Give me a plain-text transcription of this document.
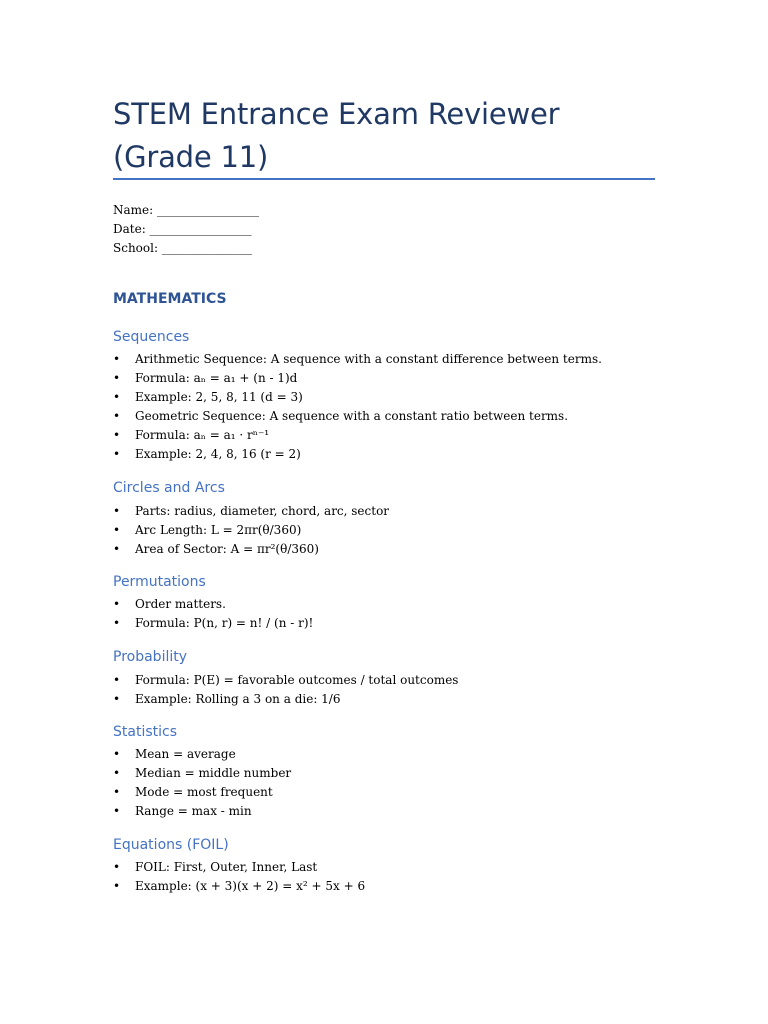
STEM Entrance Exam Reviewer (Grade 11)
Name: _________________
Date: _________________
School: _______________
MATHEMATICS
Sequences
• Arithmetic Sequence: A sequence with a constant difference between terms.
• Formula: aₙ = a₁ + (n - 1)d
• Example: 2, 5, 8, 11 (d = 3)
• Geometric Sequence: A sequence with a constant ratio between terms.
• Formula: aₙ = a₁ · rⁿ⁻¹
• Example: 2, 4, 8, 16 (r = 2)
Circles and Arcs
• Parts: radius, diameter, chord, arc, sector
• Arc Length: L = 2πr(θ/360)
• Area of Sector: A = πr²(θ/360)
Permutations
• Order matters.
• Formula: P(n, r) = n! / (n - r)!
Probability
• Formula: P(E) = favorable outcomes / total outcomes
• Example: Rolling a 3 on a die: 1/6
Statistics
• Mean = average
• Median = middle number
• Mode = most frequent
• Range = max - min
Equations (FOIL)
• FOIL: First, Outer, Inner, Last
• Example: (x + 3)(x + 2) = x² + 5x + 6
